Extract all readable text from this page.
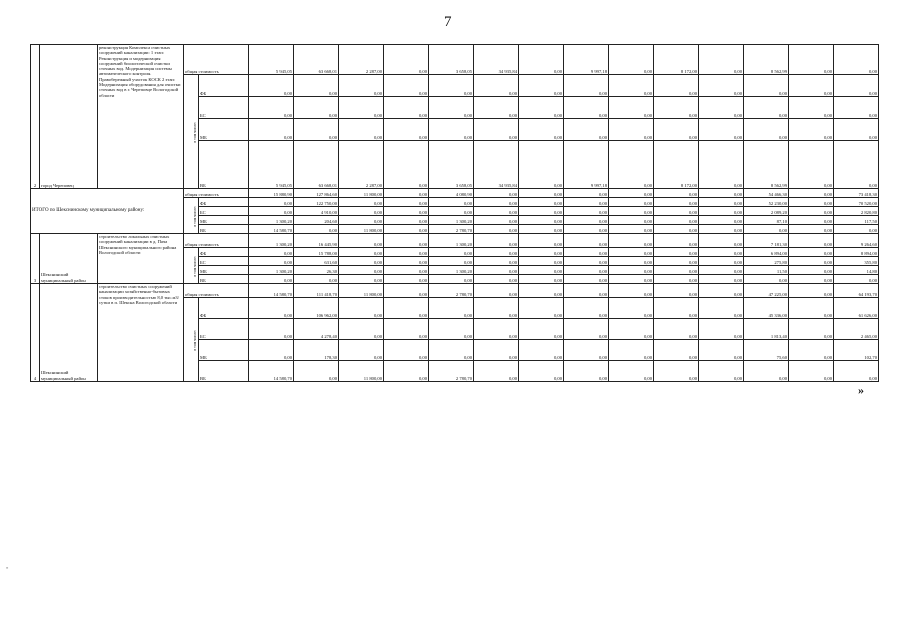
7
2	город Череповец	реконструкция Комплекса очистных сооружений канализации: 1 этап: Реконструкция и модернизация сооружений биологической очистки сточных вод. Модернизация системы автоматического контроля. Правобережный участок КОСК 2 этап: Модернизация оборудования для очистки сточных вод в г. Череповце Вологодской области	общая стоимость		5 945,05	63 668,01	2 287,00	0,00	3 658,05	34 935,84	0,00	9 997,18	0,00	8 172,00	0,00	8 562,99	0,00	0,00
			в том числе:	ФБ	0,00	0,00	0,00	0,00	0,00	0,00	0,00	0,00	0,00	0,00	0,00	0,00	0,00	0,00
				БС	0,00	0,00	0,00	0,00	0,00	0,00	0,00	0,00	0,00	0,00	0,00	0,00	0,00	0,00
				МБ	0,00	0,00	0,00	0,00	0,00	0,00	0,00	0,00	0,00	0,00	0,00	0,00	0,00	0,00
				ВБ	5 945,05	63 668,01	2 287,00	0,00	3 658,05	34 935,84	0,00	9 997,18	0,00	8 172,00	0,00	8 562,99	0,00	0,00
ИТОГО по Шекснинскому муниципальному району:			общая стоимость		15 880,90	127 864,60	11 800,00	0,00	4 080,90	0,00	0,00	0,00	0,00	0,00	0,00	54 466,30	0,00	73 418,30
			в том числе:	ФБ	0,00	122 750,00	0,00	0,00	0,00	0,00	0,00	0,00	0,00	0,00	0,00	52 230,00	0,00	70 520,00
				БС	0,00	4 910,00	0,00	0,00	0,00	0,00	0,00	0,00	0,00	0,00	0,00	2 089,20	0,00	2 820,80
				МБ	1 300,20	204,60	0,00	0,00	1 300,20	0,00	0,00	0,00	0,00	0,00	0,00	87,10	0,00	117,50
				ВБ	14 580,70	0,00	11 800,00	0,00	2 780,70	0,00	0,00	0,00	0,00	0,00	0,00	0,00	0,00	0,00
3	Шекснинский муниципальный район	строительство локальных очистных сооружений канализации в д. Пача Шекснинского муниципального района Вологодской области	общая стоимость		1 300,20	16 445,90	0,00	0,00	1 300,20	0,00	0,00	0,00	0,00	0,00	0,00	7 181,30	0,00	9 264,60
			в том числе:	ФБ	0,00	15 788,00	0,00	0,00	0,00	0,00	0,00	0,00	0,00	0,00	0,00	6 894,00	0,00	8 894,00
				БС	0,00	631,60	0,00	0,00	0,00	0,00	0,00	0,00	0,00	0,00	0,00	275,80	0,00	355,80
				МБ	1 300,20	26,30	0,00	0,00	1 300,20	0,00	0,00	0,00	0,00	0,00	0,00	11,50	0,00	14,80
				ВБ	0,00	0,00	0,00	0,00	0,00	0,00	0,00	0,00	0,00	0,00	0,00	0,00	0,00	0,00
4	Шекснинский муниципальный район	строительство очистных сооружений канализации хозяйственно-бытовых стоков производительностью 8,0 тыс.м3/сутки в п. Шексна Вологодской области	общая стоимость		14 580,70	111 418,70	11 800,00	0,00	2 780,70	0,00	0,00	0,00	0,00	0,00	0,00	47 225,00	0,00	64 193,70
			в том числе:	ФБ	0,00	106 962,00	0,00	0,00	0,00	0,00	0,00	0,00	0,00	0,00	0,00	45 336,00	0,00	61 626,00
				БС	0,00	4 278,40	0,00	0,00	0,00	0,00	0,00	0,00	0,00	0,00	0,00	1 813,40	0,00	2 465,00
				МБ	0,00	178,30	0,00	0,00	0,00	0,00	0,00	0,00	0,00	0,00	0,00	75,60	0,00	102,70
				ВБ	14 580,70	0,00	11 800,00	0,00	2 780,70	0,00	0,00	0,00	0,00	0,00	0,00	0,00	0,00	0,00
»
≡
